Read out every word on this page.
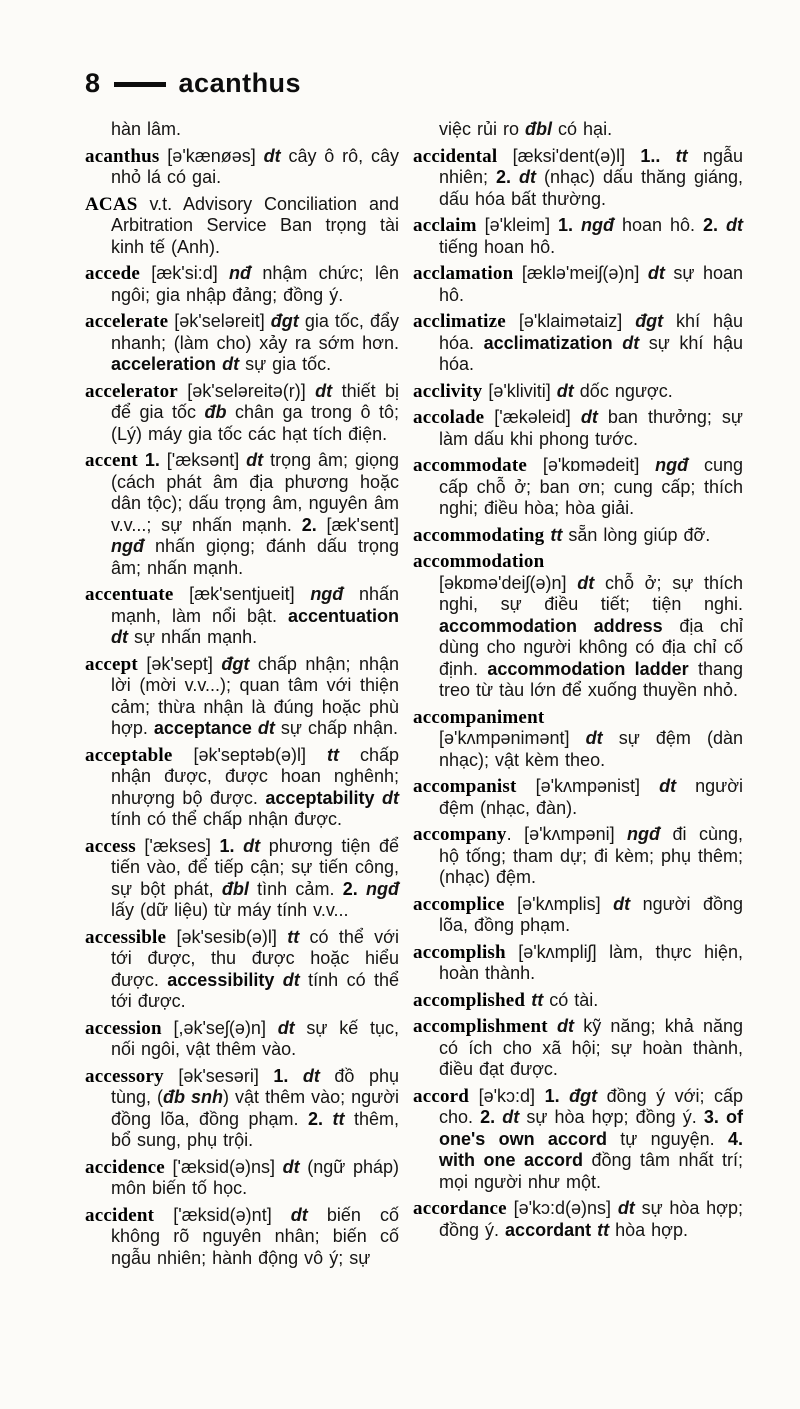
8	acanthus

hàn lâm.

acanthus [ə'kænøəs] dt cây ô rô, cây nhỏ lá có gai.

ACAS v.t. Advisory Conciliation and Arbitration Service Ban trọng tài kinh tế (Anh).

accede [æk'si:d] nđ nhậm chức; lên ngôi; gia nhập đảng; đồng ý.

accelerate [ək'seləreit] đgt gia tốc, đẩy nhanh; (làm cho) xảy ra sớm hơn. acceleration dt sự gia tốc.

accelerator [ək'seləreitə(r)] dt thiết bị để gia tốc đb chân ga trong ô tô; (Lý) máy gia tốc các hạt tích điện.

accent 1. ['æksənt] dt trọng âm; giọng (cách phát âm địa phương hoặc dân tộc); dấu trọng âm, nguyên âm v.v...; sự nhấn mạnh. 2. [æk'sent] ngđ nhấn giọng; đánh dấu trọng âm; nhấn mạnh.

accentuate [æk'sentjueit] ngđ nhấn mạnh, làm nổi bật. accentuation dt sự nhấn mạnh.

accept [ək'sept] đgt chấp nhận; nhận lời (mời v.v...); quan tâm với thiện cảm; thừa nhận là đúng hoặc phù hợp. acceptance dt sự chấp nhận.

acceptable [ək'septəb(ə)l] tt chấp nhận được, được hoan nghênh; nhượng bộ được. acceptability dt tính có thể chấp nhận được.

access ['ækses] 1. dt phương tiện để tiến vào, để tiếp cận; sự tiến công, sự bột phát, đbl tình cảm. 2. ngđ lấy (dữ liệu) từ máy tính v.v...

accessible [ək'sesib(ə)l] tt có thể với tới được, thu được hoặc hiểu được. accessibility dt tính có thể tới được.

accession [,ək'seʃ(ə)n] dt sự kế tục, nối ngôi, vật thêm vào.

accessory [ək'sesəri] 1. dt đồ phụ tùng, (đb snh) vật thêm vào; người đồng lõa, đồng phạm. 2. tt thêm, bổ sung, phụ trội.

accidence ['æksid(ə)ns] dt (ngữ pháp) môn biến tố học.

accident ['æksid(ə)nt] dt biến cố không rõ nguyên nhân; biến cố ngẫu nhiên; hành động vô ý; sự

việc rủi ro đbl có hại.

accidental [æksi'dent(ə)l] 1.. tt ngẫu nhiên; 2. dt (nhạc) dấu thăng giáng, dấu hóa bất thường.

acclaim [ə'kleim] 1. ngđ hoan hô. 2. dt tiếng hoan hô.

acclamation [æklə'meiʃ(ə)n] dt sự hoan hô.

acclimatize [ə'klaimətaiz] đgt khí hậu hóa. acclimatization dt sự khí hậu hóa.

acclivity [ə'kliviti] dt dốc ngược.

accolade ['ækəleid] dt ban thưởng; sự làm dấu khi phong tước.

accommodate [ə'kɒmədeit] ngđ cung cấp chỗ ở; ban ơn; cung cấp; thích nghi; điều hòa; hòa giải.

accommodating tt sẵn lòng giúp đỡ.

accommodation
[əkɒmə'deiʃ(ə)n] dt chỗ ở; sự thích nghi, sự điều tiết; tiện nghi. accommodation address địa chỉ dùng cho người không có địa chỉ cố định. accommodation ladder thang treo từ tàu lớn để xuống thuyền nhỏ.

accompaniment
[ə'kʌmpənimənt] dt sự đệm (dàn nhạc); vật kèm theo.

accompanist [ə'kʌmpənist] dt người đệm (nhạc, đàn).

accompany. [ə'kʌmpəni] ngđ đi cùng, hộ tống; tham dự; đi kèm; phụ thêm; (nhạc) đệm.

accomplice [ə'kʌmplis] dt người đồng lõa, đồng phạm.

accomplish [ə'kʌmpliʃ] làm, thực hiện, hoàn thành.

accomplished tt có tài.

accomplishment dt kỹ năng; khả năng có ích cho xã hội; sự hoàn thành, điều đạt được.

accord [ə'kɔ:d] 1. đgt đồng ý với; cấp cho. 2. dt sự hòa hợp; đồng ý. 3. of one's own accord tự nguyện. 4. with one accord đồng tâm nhất trí; mọi người như một.

accordance [ə'kɔ:d(ə)ns] dt sự hòa hợp; đồng ý. accordant tt hòa hợp.
